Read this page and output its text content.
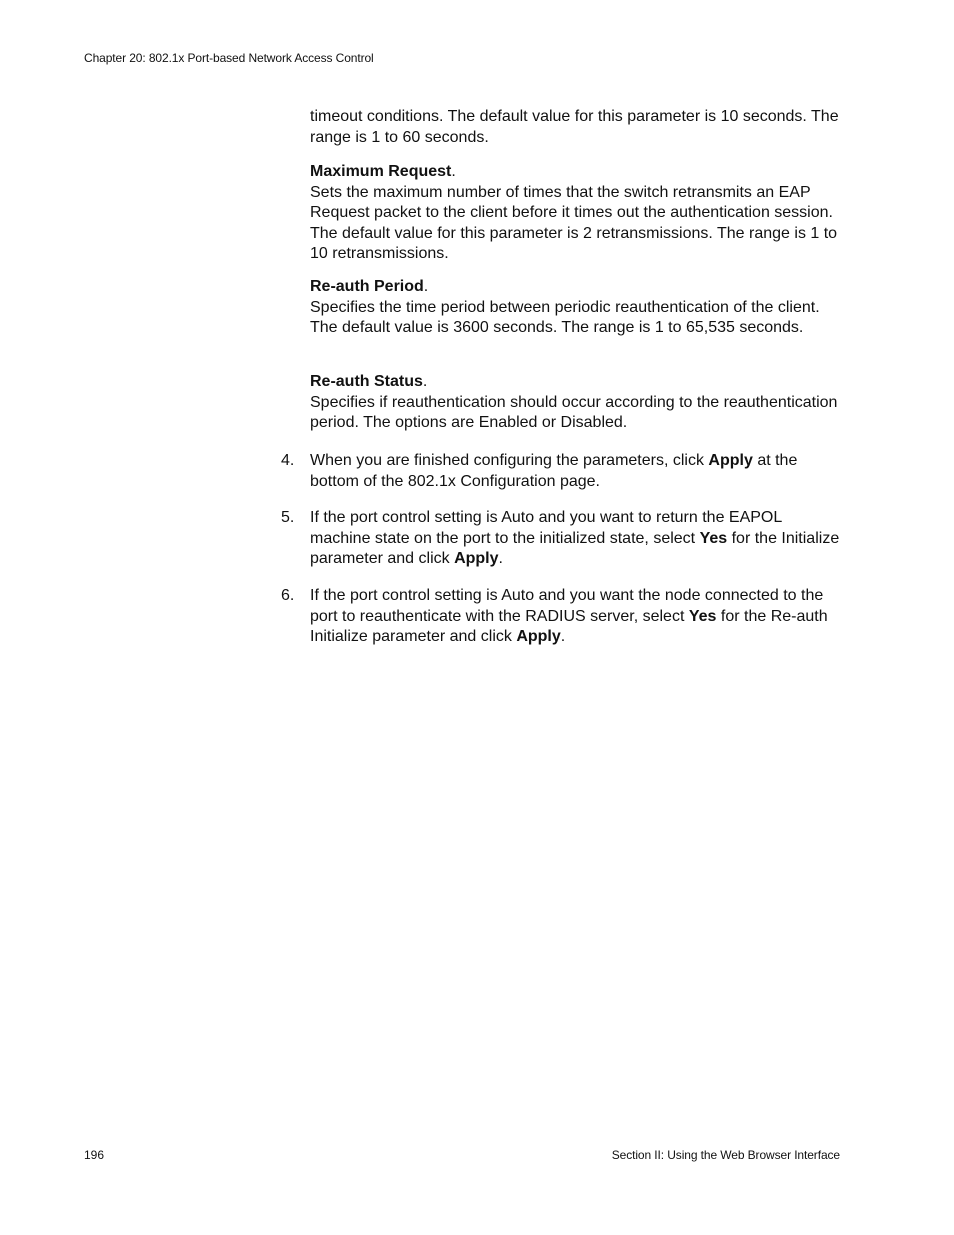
Chapter 20: 802.1x Port-based Network Access Control

timeout conditions. The default value for this parameter is 10 seconds. The range is 1 to 60 seconds.

Maximum Request.

Sets the maximum number of times that the switch retransmits an EAP Request packet to the client before it times out the authentication session. The default value for this parameter is 2 retransmissions. The range is 1 to 10 retransmissions.

Re-auth Period.

Specifies the time period between periodic reauthentication of the client. The default value is 3600 seconds. The range is 1 to 65,535 seconds.

Re-auth Status.

Specifies if reauthentication should occur according to the reauthentication period. The options are Enabled or Disabled.

4. When you are finished configuring the parameters, click Apply at the bottom of the 802.1x Configuration page.
5. If the port control setting is Auto and you want to return the EAPOL machine state on the port to the initialized state, select Yes for the Initialize parameter and click Apply.
6. If the port control setting is Auto and you want the node connected to the port to reauthenticate with the RADIUS server, select Yes for the Re-auth Initialize parameter and click Apply.
196	Section II: Using the Web Browser Interface
